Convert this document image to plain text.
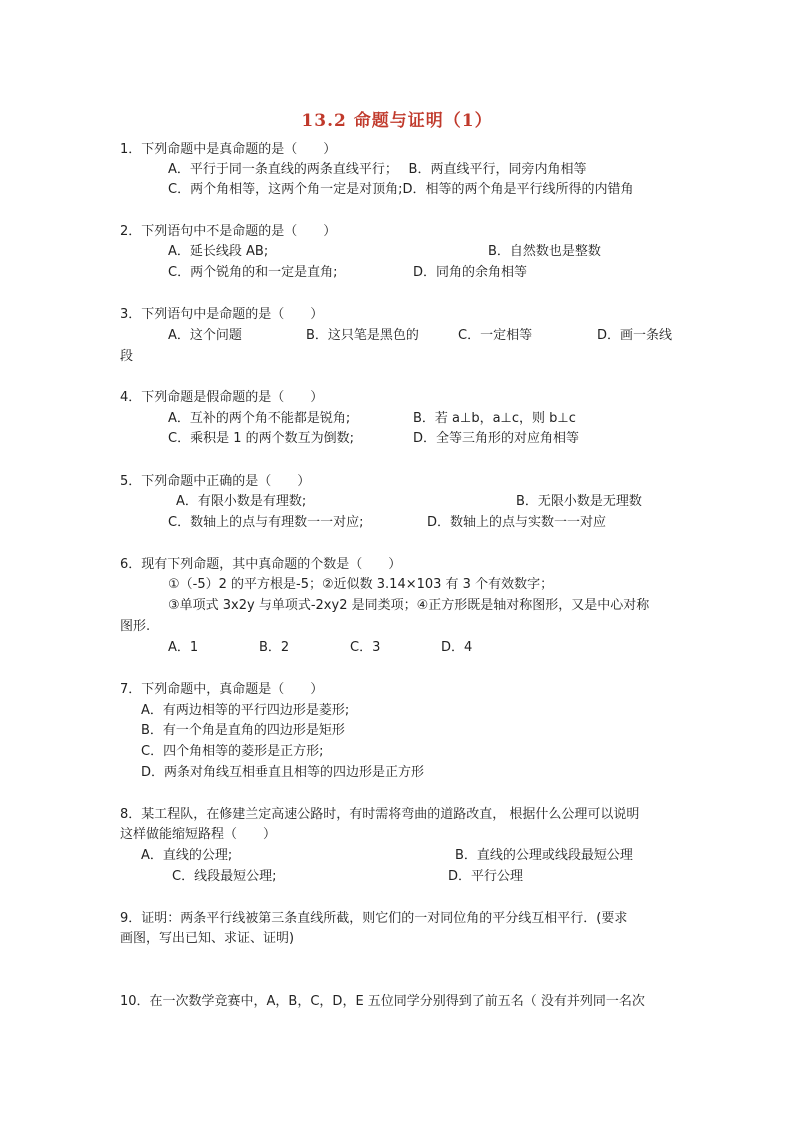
13.2 命题与证明（1）
1．下列命题中是真命题的是（　　）
A．平行于同一条直线的两条直线平行；　 B．两直线平行，同旁内角相等
C．两个角相等，这两个角一定是对顶角;D．相等的两个角是平行线所得的内错角
2．下列语句中不是命题的是（　　）
A．延长线段 AB;	B．自然数也是整数
C．两个锐角的和一定是直角;	D．同角的余角相等
3．下列语句中是命题的是（　　）
A．这个问题	B．这只笔是黑色的	C．一定相等	D．画一条线
段
4．下列命题是假命题的是（　　）
A．互补的两个角不能都是锐角;	B．若 a⊥b，a⊥c，则 b⊥c
C．乘积是 1 的两个数互为倒数;	D．全等三角形的对应角相等
5．下列命题中正确的是（　　）
A．有限小数是有理数;	B．无限小数是无理数
C．数轴上的点与有理数一一对应;	D．数轴上的点与实数一一对应
6．现有下列命题，其中真命题的个数是（　　）
①（-5）2 的平方根是-5；②近似数 3.14×103 有 3 个有效数字；
③单项式 3x2y 与单项式-2xy2 是同类项；④正方形既是轴对称图形，又是中心对称
图形.
A．1	B．2	C．3	D．4
7．下列命题中，真命题是（　　）
A．有两边相等的平行四边形是菱形;
B．有一个角是直角的四边形是矩形
C．四个角相等的菱形是正方形;
D．两条对角线互相垂直且相等的四边形是正方形
8．某工程队，在修建兰定高速公路时，有时需将弯曲的道路改直， 根据什么公理可以说明
这样做能缩短路程（　　）
A．直线的公理;	B．直线的公理或线段最短公理
C．线段最短公理;	D．平行公理
9．证明：两条平行线被第三条直线所截，则它们的一对同位角的平分线互相平行．(要求
画图，写出已知、求证、证明)
10．在一次数学竞赛中，A，B，C，D，E 五位同学分别得到了前五名（ 没有并列同一名次
